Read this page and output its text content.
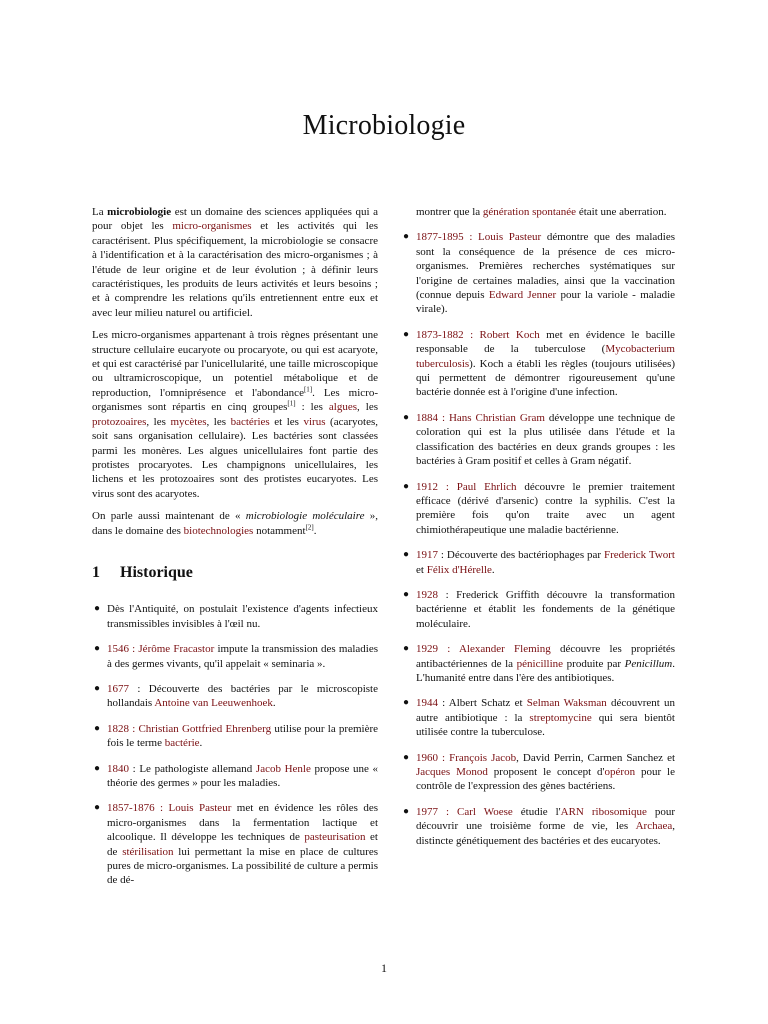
Microbiologie

La microbiologie est un domaine des sciences appliquées qui a pour objet les micro-organismes et les activités qui les caractérisent. Plus spécifiquement, la microbiologie se consacre à l'identification et à la caractérisation des micro-organismes ; à l'étude de leur origine et de leur évolution ; à définir leurs caractéristiques, les produits de leurs activités et leurs besoins ; et à comprendre les relations qu'ils entretiennent entre eux et avec leur milieu naturel ou artificiel.

Les micro-organismes appartenant à trois règnes présentant une structure cellulaire eucaryote ou procaryote, ou qui est acaryote, et qui est caractérisé par l'unicellularité, une taille microscopique ou ultramicroscopique, un potentiel métabolique et de reproduction, l'omniprésence et l'abondance[1]. Les micro-organismes sont répartis en cinq groupes[1] : les algues, les protozoaires, les mycètes, les bactéries et les virus (acaryotes, soit sans organisation cellulaire). Les bactéries sont classées parmi les monères. Les algues unicellulaires font partie des protistes procaryotes. Les champignons unicellulaires, les lichens et les protozoaires sont des protistes eucaryotes. Les virus sont des acaryotes.

On parle aussi maintenant de « microbiologie moléculaire », dans le domaine des biotechnologies notamment[2].

1 Historique
● Dès l'Antiquité, on postulait l'existence d'agents infectieux transmissibles invisibles à l'œil nu.
● 1546 : Jérôme Fracastor impute la transmission des maladies à des germes vivants, qu'il appelait « seminaria ».
● 1677 : Découverte des bactéries par le microscopiste hollandais Antoine van Leeuwenhoek.
● 1828 : Christian Gottfried Ehrenberg utilise pour la première fois le terme bactérie.
● 1840 : Le pathologiste allemand Jacob Henle propose une « théorie des germes » pour les maladies.
● 1857-1876 : Louis Pasteur met en évidence les rôles des micro-organismes dans la fermentation lactique et alcoolique. Il développe les techniques de pasteurisation et de stérilisation lui permettant la mise en place de cultures pures de micro-organismes. La possibilité de culture a permis de dé-
montrer que la génération spontanée était une aberration.
● 1877-1895 : Louis Pasteur démontre que des maladies sont la conséquence de la présence de ces micro-organismes. Premières recherches systématiques sur l'origine de certaines maladies, ainsi que la vaccination (connue depuis Edward Jenner pour la variole - maladie virale).
● 1873-1882 : Robert Koch met en évidence le bacille responsable de la tuberculose (Mycobacterium tuberculosis). Koch a établi les règles (toujours utilisées) qui permettent de démontrer rigoureusement qu'une bactérie donnée est à l'origine d'une infection.
● 1884 : Hans Christian Gram développe une technique de coloration qui est la plus utilisée dans l'étude et la classification des bactéries en deux grands groupes : les bactéries à Gram positif et celles à Gram négatif.
● 1912 : Paul Ehrlich découvre le premier traitement efficace (dérivé d'arsenic) contre la syphilis. C'est la première fois qu'on traite avec un agent chimiothérapeutique une maladie bactérienne.
● 1917 : Découverte des bactériophages par Frederick Twort et Félix d'Hérelle.
● 1928 : Frederick Griffith découvre la transformation bactérienne et établit les fondements de la génétique moléculaire.
● 1929 : Alexander Fleming découvre les propriétés antibactériennes de la pénicilline produite par Penicillum. L'humanité entre dans l'ère des antibiotiques.
● 1944 : Albert Schatz et Selman Waksman découvrent un autre antibiotique : la streptomycine qui sera bientôt utilisée contre la tuberculose.
● 1960 : François Jacob, David Perrin, Carmen Sanchez et Jacques Monod proposent le concept d'opéron pour le contrôle de l'expression des gènes bactériens.
● 1977 : Carl Woese étudie l'ARN ribosomique pour découvrir une troisième forme de vie, les Archaea, distincte génétiquement des bactéries et des eucaryotes.
1
